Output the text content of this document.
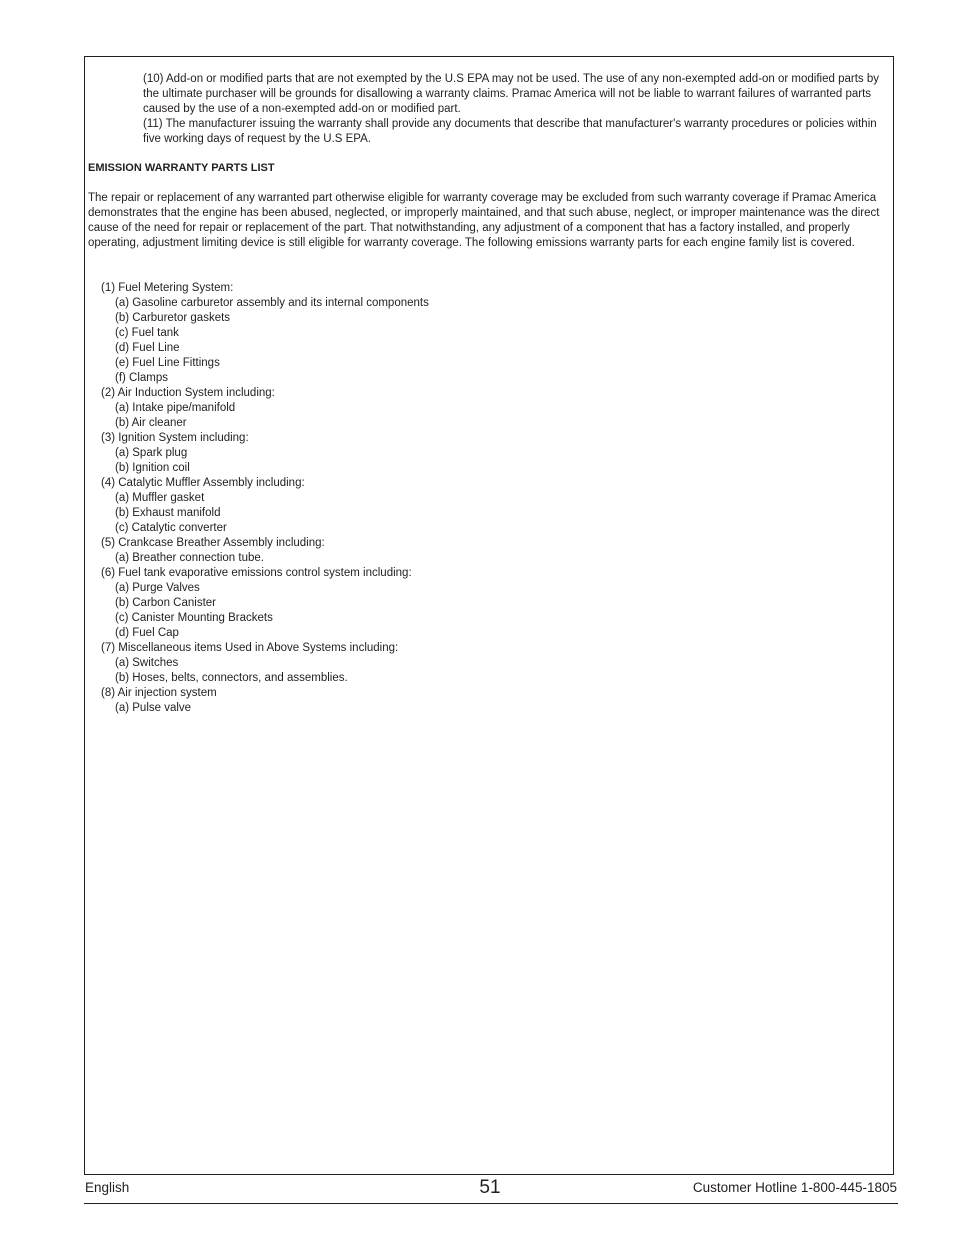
(10) Add-on or modified parts that are not exempted by the U.S EPA may not be used. The use of any non-exempted add-on or modified parts by the ultimate purchaser will be grounds for disallowing a warranty claims. Pramac America will not be liable to warrant failures of warranted parts caused by the use of a non-exempted add-on or modified part.

(11) The manufacturer issuing the warranty shall provide any documents that describe that manufacturer's warranty procedures or policies within five working days of request by the U.S EPA.

EMISSION WARRANTY PARTS LIST

The repair or replacement of any warranted part otherwise eligible for warranty coverage may be excluded from such warranty coverage if Pramac America demonstrates that the engine has been abused, neglected, or improperly maintained, and that such abuse, neglect, or improper maintenance was the direct cause of the need for repair or replacement of the part. That notwithstanding, any adjustment of a component that has a factory installed, and properly operating, adjustment limiting device is still eligible for warranty coverage. The following emissions warranty parts for each engine family list is covered.

(1) Fuel Metering System:
(a) Gasoline carburetor assembly and its internal components
(b) Carburetor gaskets
(c) Fuel tank
(d) Fuel Line
(e) Fuel Line Fittings
(f) Clamps
(2) Air Induction System including:
(a) Intake pipe/manifold
(b) Air cleaner
(3) Ignition System including:
(a) Spark plug
(b) Ignition coil
(4) Catalytic Muffler Assembly including:
(a) Muffler gasket
(b) Exhaust manifold
(c) Catalytic converter
(5) Crankcase Breather Assembly including:
(a) Breather connection tube.
(6) Fuel tank evaporative emissions control system including:
(a) Purge Valves
(b) Carbon Canister
(c) Canister Mounting Brackets
(d) Fuel Cap
(7) Miscellaneous items Used in Above Systems including:
(a) Switches
(b) Hoses, belts, connectors, and assemblies.
(8) Air injection system
(a) Pulse valve
English	51	Customer Hotline 1-800-445-1805
